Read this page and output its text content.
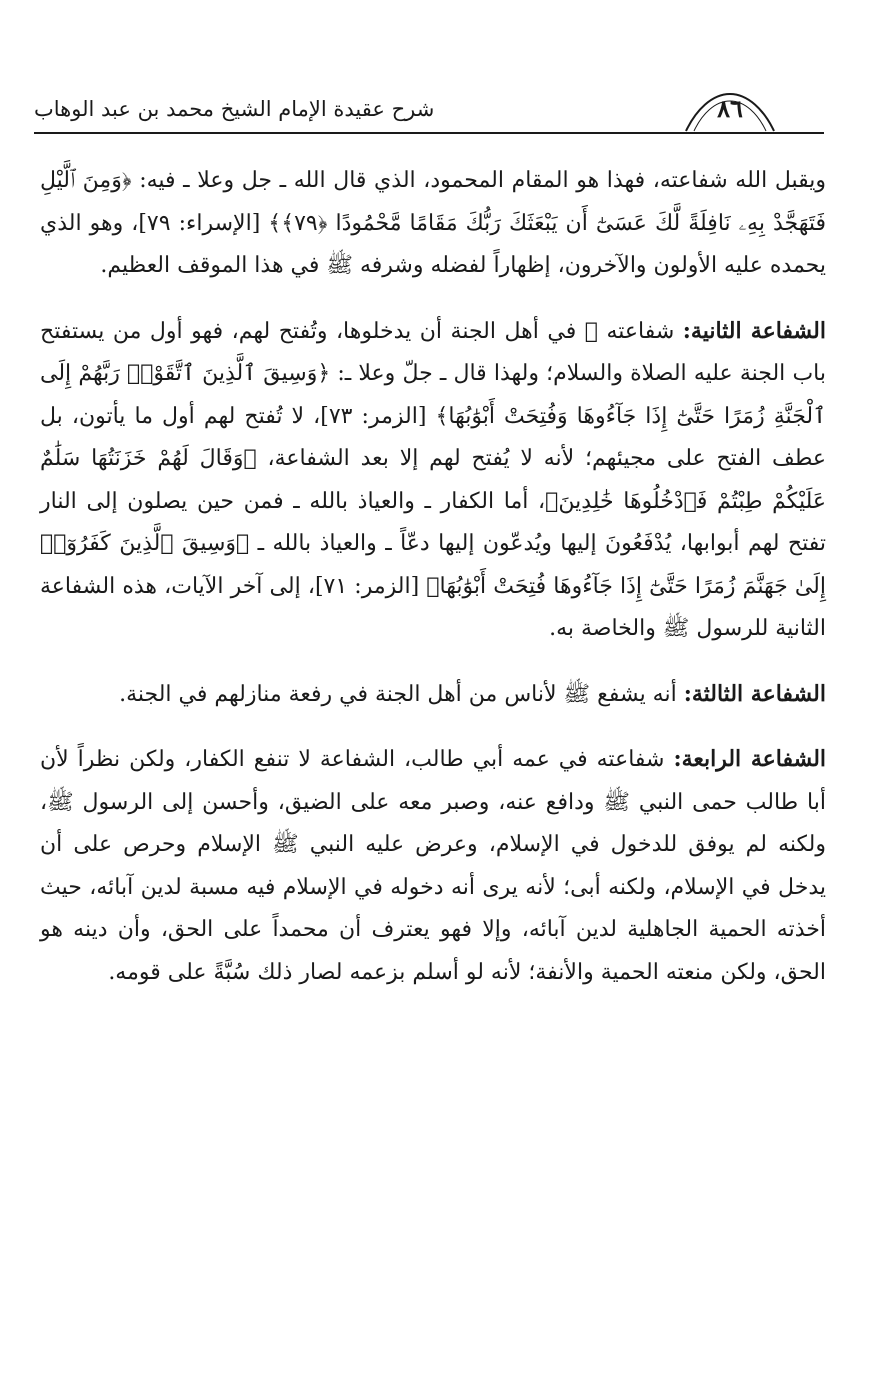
شرح عقيدة الإمام الشيخ محمد بن عبد الوهاب	٨٦

ويقبل الله شفاعته، فهذا هو المقام المحمود، الذي قال الله ـ جل وعلا ـ فيه: ﴿وَمِنَ ٱلَّيْلِ فَتَهَجَّدْ بِهِۦ نَافِلَةً لَّكَ عَسَىٰٓ أَن يَبْعَثَكَ رَبُّكَ مَقَامًا مَّحْمُودًا ﴿٧٩﴾﴾ [الإسراء: ٧٩]، وهو الذي يحمده عليه الأولون والآخرون، إظهاراً لفضله وشرفه ﷺ في هذا الموقف العظيم.

الشفاعة الثانية: شفاعته ﷺ في أهل الجنة أن يدخلوها، وتُفتح لهم، فهو أول من يستفتح باب الجنة عليه الصلاة والسلام؛ ولهذا قال ـ جلّ وعلا ـ: ﴿وَسِيقَ ٱلَّذِينَ ٱتَّقَوْا۟ رَبَّهُمْ إِلَى ٱلْجَنَّةِ زُمَرًا حَتَّىٰٓ إِذَا جَآءُوهَا وَفُتِحَتْ أَبْوَٰبُهَا﴾ [الزمر: ٧٣]، لا تُفتح لهم أول ما يأتون، بل عطف الفتح على مجيئهم؛ لأنه لا يُفتح لهم إلا بعد الشفاعة، ﴿وَقَالَ لَهُمْ خَزَنَتُهَا سَلَٰمٌ عَلَيْكُمْ طِبْتُمْ فَٱدْخُلُوهَا خَٰلِدِينَ﴾، أما الكفار ـ والعياذ بالله ـ فمن حين يصلون إلى النار تفتح لهم أبوابها، يُدْفَعُونَ إليها ويُدعّون إليها دعّاً ـ والعياذ بالله ـ ﴿وَسِيقَ ٱلَّذِينَ كَفَرُوٓا۟ إِلَىٰ جَهَنَّمَ زُمَرًا حَتَّىٰٓ إِذَا جَآءُوهَا فُتِحَتْ أَبْوَٰبُهَا﴾ [الزمر: ٧١]، إلى آخر الآيات، هذه الشفاعة الثانية للرسول ﷺ والخاصة به.

الشفاعة الثالثة: أنه يشفع ﷺ لأناس من أهل الجنة في رفعة منازلهم في الجنة.

الشفاعة الرابعة: شفاعته في عمه أبي طالب، الشفاعة لا تنفع الكفار، ولكن نظراً لأن أبا طالب حمى النبي ﷺ ودافع عنه، وصبر معه على الضيق، وأحسن إلى الرسول ﷺ، ولكنه لم يوفق للدخول في الإسلام، وعرض عليه النبي ﷺ الإسلام وحرص على أن يدخل في الإسلام، ولكنه أبى؛ لأنه يرى أنه دخوله في الإسلام فيه مسبة لدين آبائه، حيث أخذته الحمية الجاهلية لدين آبائه، وإلا فهو يعترف أن محمداً على الحق، وأن دينه هو الحق، ولكن منعته الحمية والأنفة؛ لأنه لو أسلم بزعمه لصار ذلك سُبَّةً على قومه.
